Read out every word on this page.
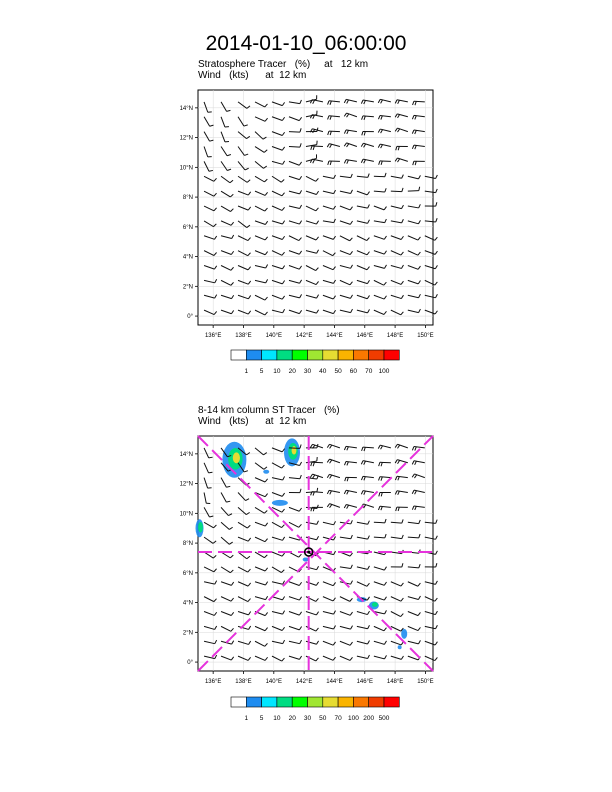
2014-01-10_06:00:00
Stratosphere Tracer   (%)     at   12 km
Wind   (kts)      at  12 km
8-14 km column ST Tracer   (%)
Wind   (kts)      at  12 km
136°E 138°E 140°E 142°E 144°E 146°E 148°E 150°E
14°N
12°N
10°N
8°N
6°N
4°N
2°N
0°
1 5 10 20 30 40 50 60 70 100
136°E 138°E 140°E 142°E 144°E 146°E 148°E 150°E
14°N
12°N
10°N
8°N
6°N
4°N
2°N
0°
1 5 10 20 30 50 70 100 200 500
